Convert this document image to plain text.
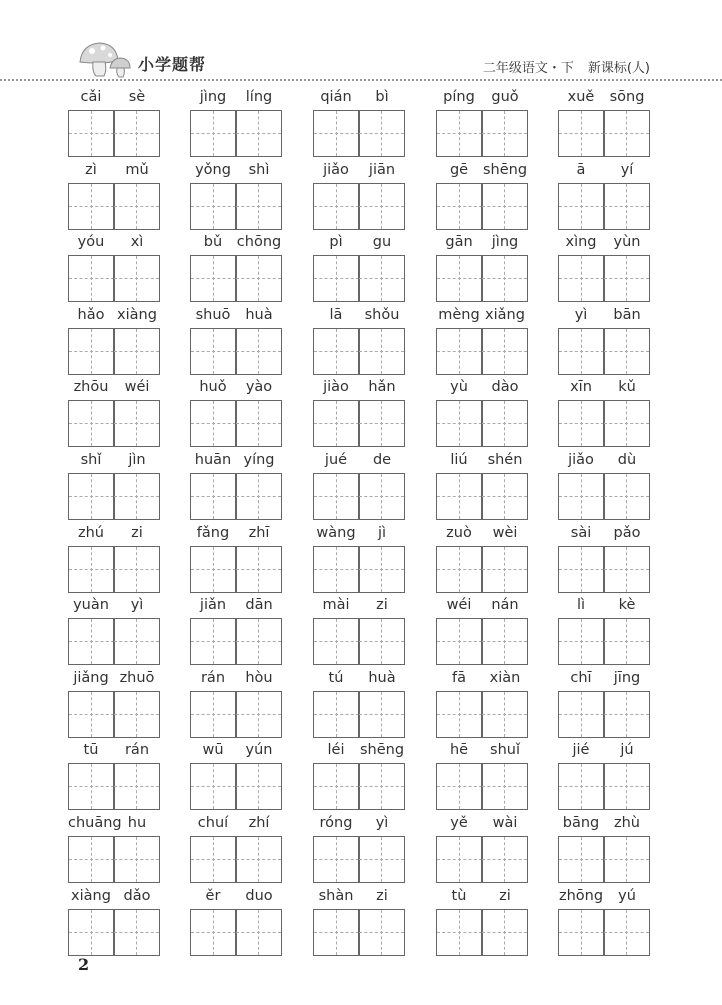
小学题帮	二年级语文・下 新课标(人)
cǎi	sè	jìng	líng	qián	bì	píng	guǒ	xuě	sōng
zì	mǔ	yǒng	shì	jiǎo	jiān	gē	shēng	ā	yí
yóu	xì	bǔ	chōng	pì	gu	gān	jìng	xìng	yùn
hǎo xiàng	shuō	huà	lā	shǒu	mèng xiǎng	yì	bān
zhōu	wéi	huǒ	yào	jiào	hǎn	yù	dào	xīn	kǔ
shǐ	jìn	huān yíng	jué	de	liú	shén	jiǎo	dù
zhú	zi	fǎng	zhī	wàng	jì	zuò	wèi	sài	pǎo
yuàn	yì	jiǎn	dān	mài	zi	wéi	nán	lì	kè
jiǎng zhuō	rán	hòu	tú	huà	fā	xiàn	chī	jīng
tū	rán	wū	yún	léi	shēng	hē	shuǐ	jié	jú
chuāng hu	chuí	zhí	róng	yì	yě	wài	bāng	zhù
xiàng dǎo	ěr	duo	shàn	zi	tù	zi	zhōng	yú
2
